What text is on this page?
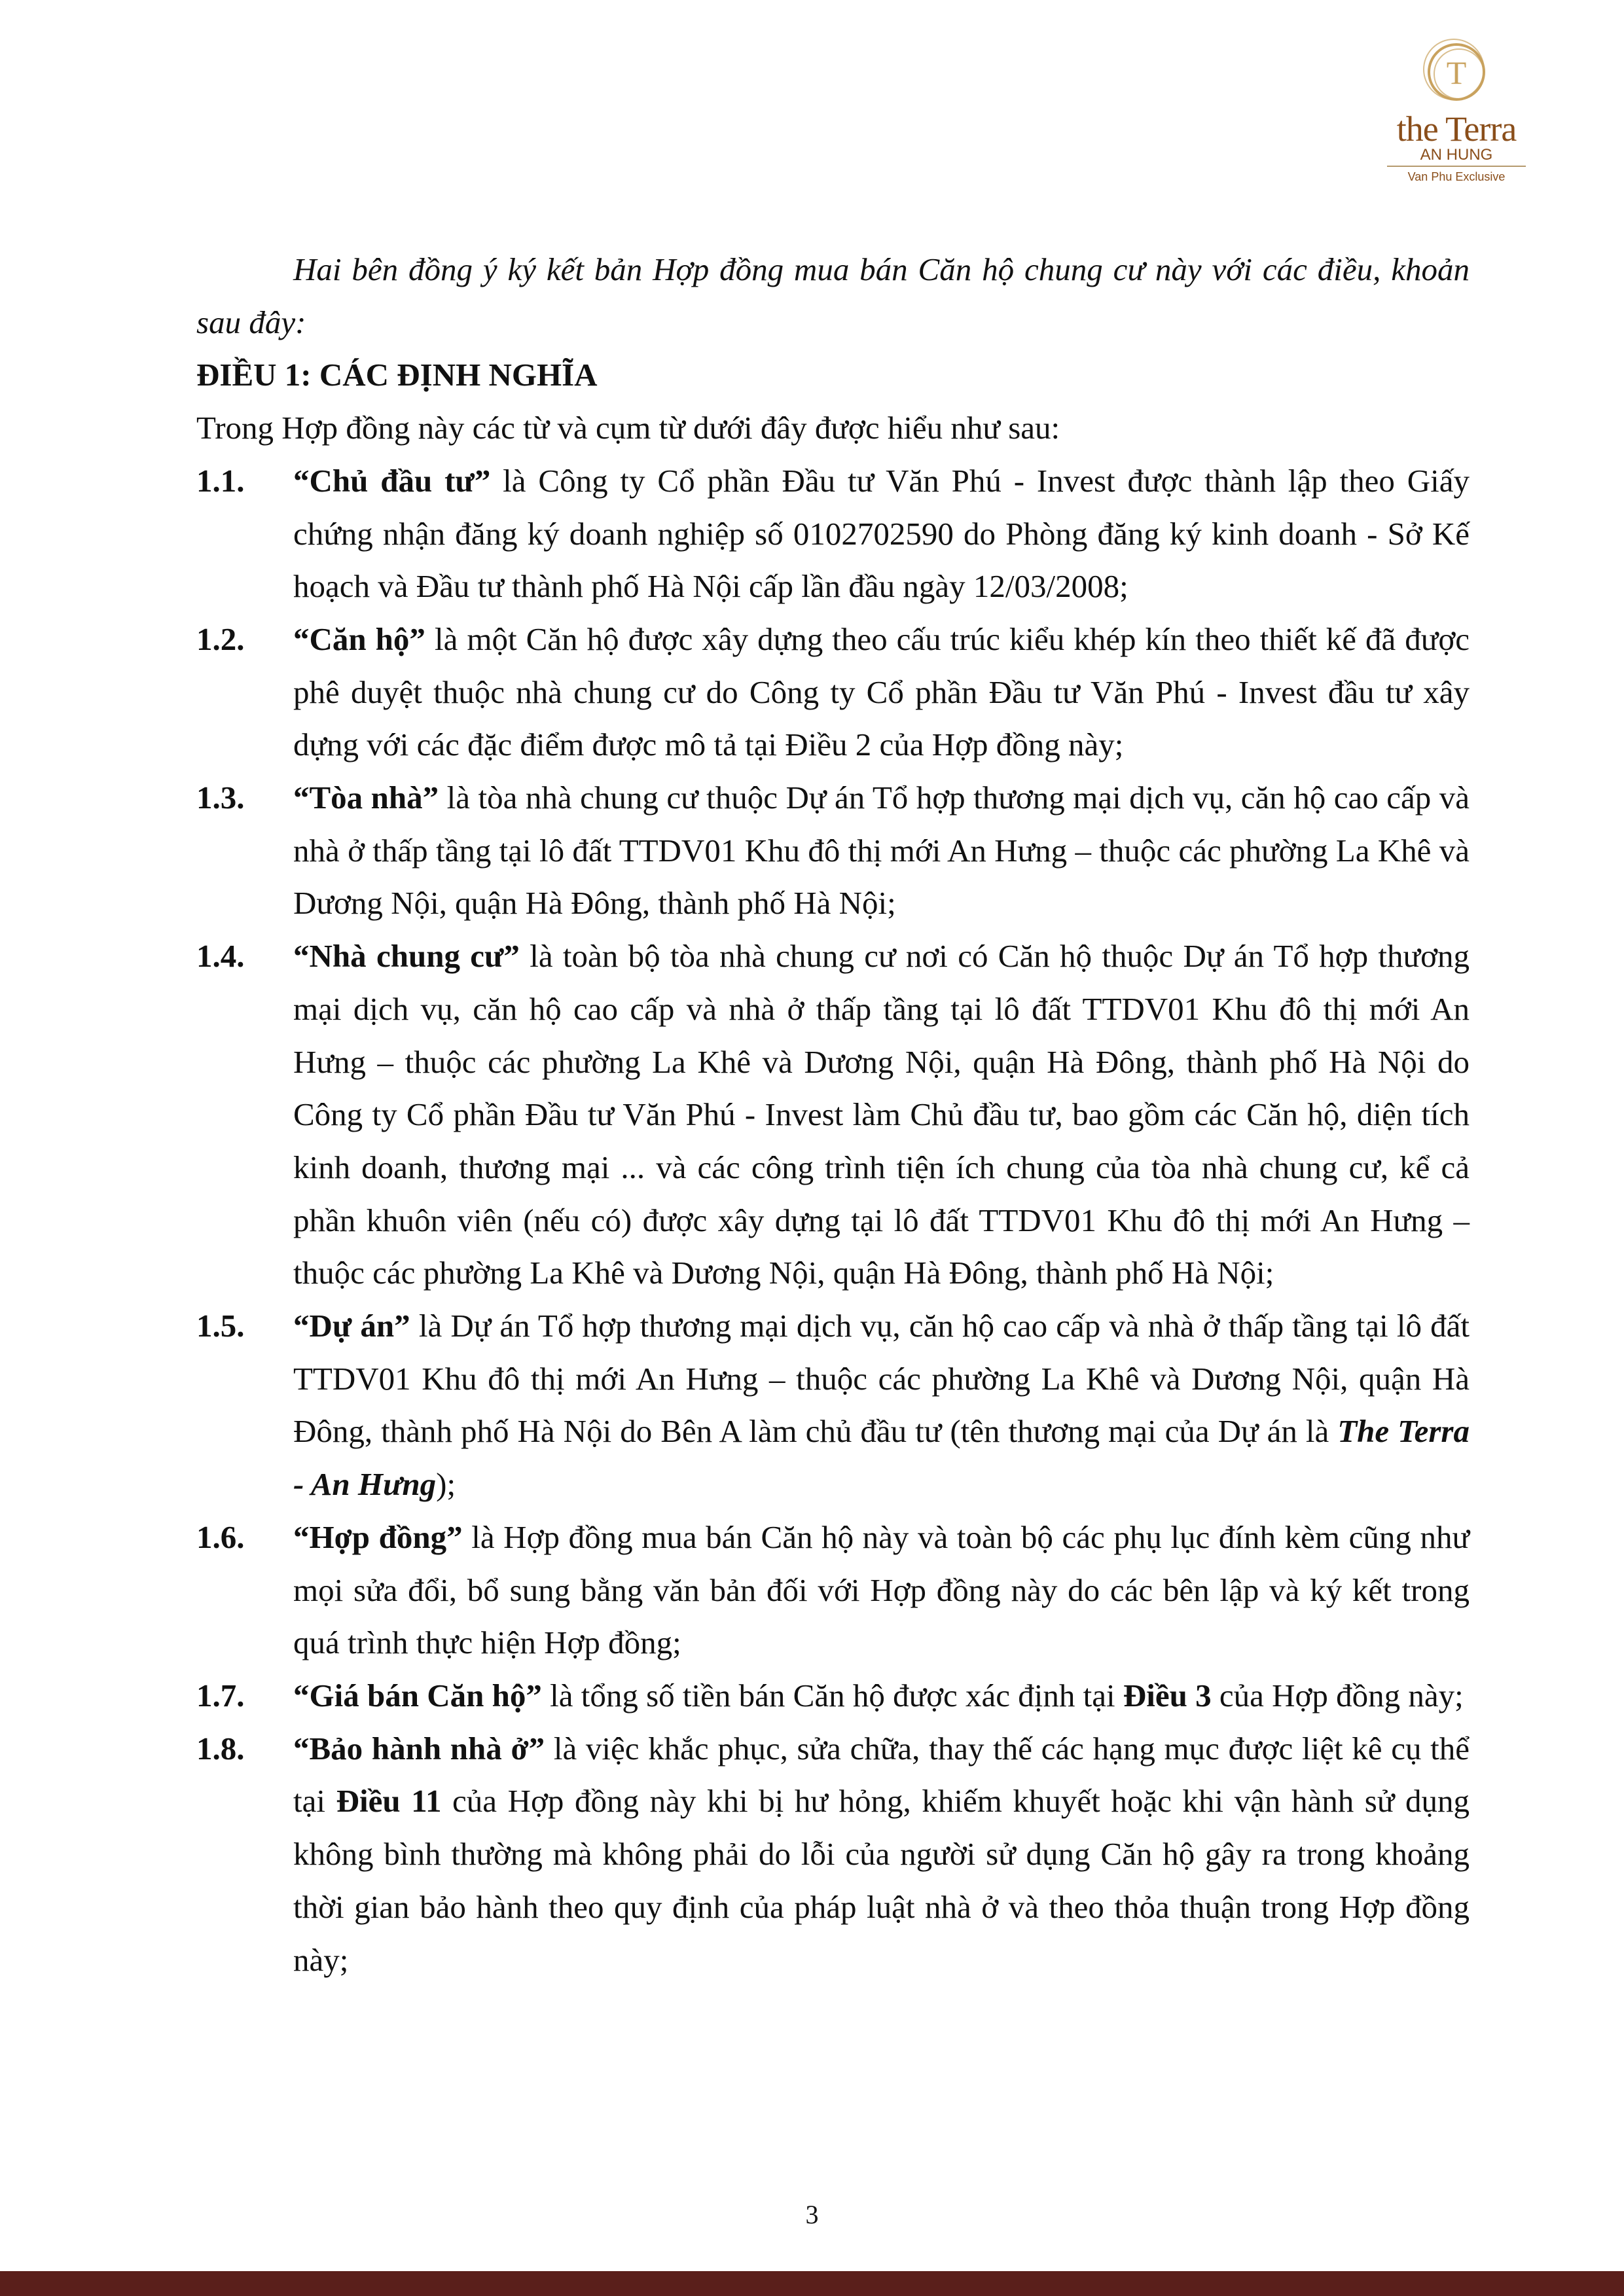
T
the Terra
AN HUNG
Van Phu Exclusive

Hai bên đồng ý ký kết bản Hợp đồng mua bán Căn hộ chung cư này với các điều, khoản sau đây:

ĐIỀU 1: CÁC ĐỊNH NGHĨA

Trong Hợp đồng này các từ và cụm từ dưới đây được hiểu như sau:

1.1. “Chủ đầu tư” là Công ty Cổ phần Đầu tư Văn Phú - Invest được thành lập theo Giấy chứng nhận đăng ký doanh nghiệp số 0102702590 do Phòng đăng ký kinh doanh - Sở Kế hoạch và Đầu tư thành phố Hà Nội cấp lần đầu ngày 12/03/2008;

1.2. “Căn hộ” là một Căn hộ được xây dựng theo cấu trúc kiểu khép kín theo thiết kế đã được phê duyệt thuộc nhà chung cư do Công ty Cổ phần Đầu tư Văn Phú - Invest đầu tư xây dựng với các đặc điểm được mô tả tại Điều 2 của Hợp đồng này;

1.3. “Tòa nhà” là tòa nhà chung cư thuộc Dự án Tổ hợp thương mại dịch vụ, căn hộ cao cấp và nhà ở thấp tầng tại lô đất TTDV01 Khu đô thị mới An Hưng – thuộc các phường La Khê và Dương Nội, quận Hà Đông, thành phố Hà Nội;

1.4. “Nhà chung cư” là toàn bộ tòa nhà chung cư nơi có Căn hộ thuộc Dự án Tổ hợp thương mại dịch vụ, căn hộ cao cấp và nhà ở thấp tầng tại lô đất TTDV01 Khu đô thị mới An Hưng – thuộc các phường La Khê và Dương Nội, quận Hà Đông, thành phố Hà Nội do Công ty Cổ phần Đầu tư Văn Phú - Invest làm Chủ đầu tư, bao gồm các Căn hộ, diện tích kinh doanh, thương mại ... và các công trình tiện ích chung của tòa nhà chung cư, kể cả phần khuôn viên (nếu có) được xây dựng tại lô đất TTDV01 Khu đô thị mới An Hưng – thuộc các phường La Khê và Dương Nội, quận Hà Đông, thành phố Hà Nội;

1.5. “Dự án” là Dự án Tổ hợp thương mại dịch vụ, căn hộ cao cấp và nhà ở thấp tầng tại lô đất TTDV01 Khu đô thị mới An Hưng – thuộc các phường La Khê và Dương Nội, quận Hà Đông, thành phố Hà Nội do Bên A làm chủ đầu tư (tên thương mại của Dự án là The Terra - An Hưng);

1.6. “Hợp đồng” là Hợp đồng mua bán Căn hộ này và toàn bộ các phụ lục đính kèm cũng như mọi sửa đổi, bổ sung bằng văn bản đối với Hợp đồng này do các bên lập và ký kết trong quá trình thực hiện Hợp đồng;

1.7. “Giá bán Căn hộ” là tổng số tiền bán Căn hộ được xác định tại Điều 3 của Hợp đồng này;

1.8. “Bảo hành nhà ở” là việc khắc phục, sửa chữa, thay thế các hạng mục được liệt kê cụ thể tại Điều 11 của Hợp đồng này khi bị hư hỏng, khiếm khuyết hoặc khi vận hành sử dụng không bình thường mà không phải do lỗi của người sử dụng Căn hộ gây ra trong khoảng thời gian bảo hành theo quy định của pháp luật nhà ở và theo thỏa thuận trong Hợp đồng này;

3
